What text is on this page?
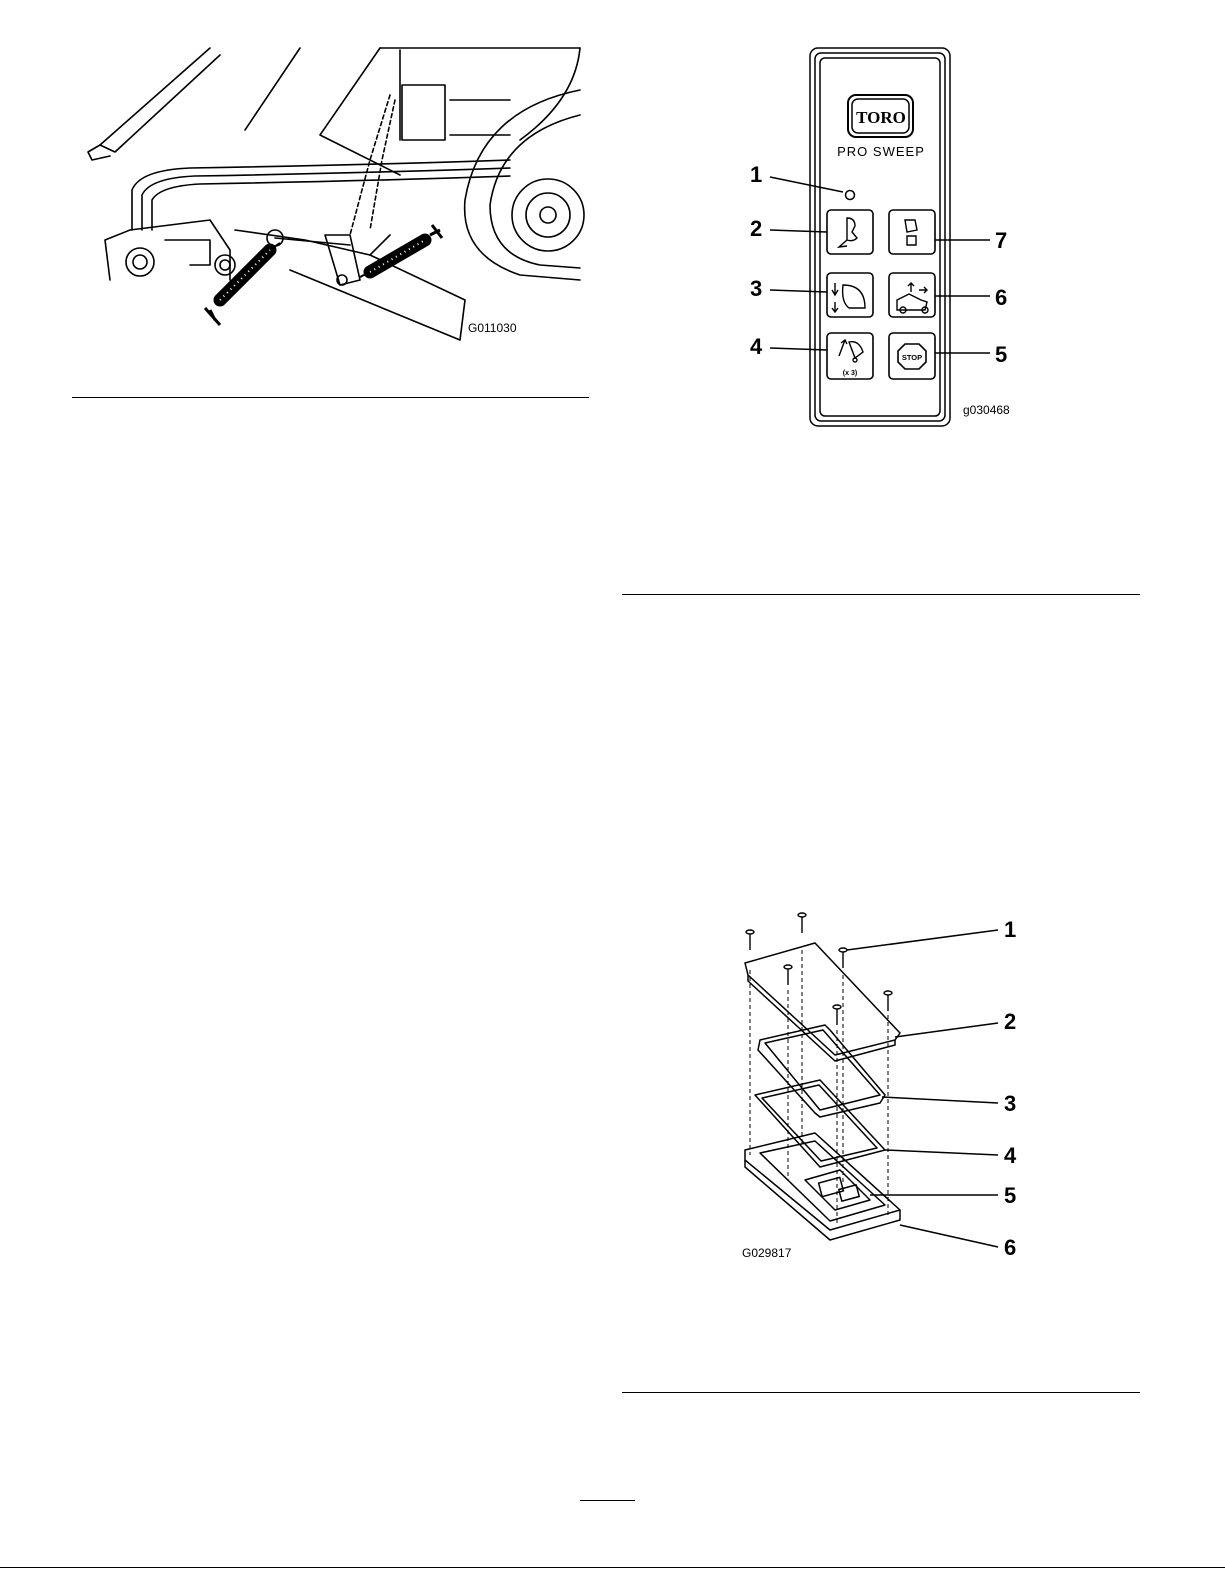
G011030
TORO
PRO SWEEP
(x 3)
STOP
1
2
3
4	5
6
7
g030468
1
2
3
4
5
6
G029817
